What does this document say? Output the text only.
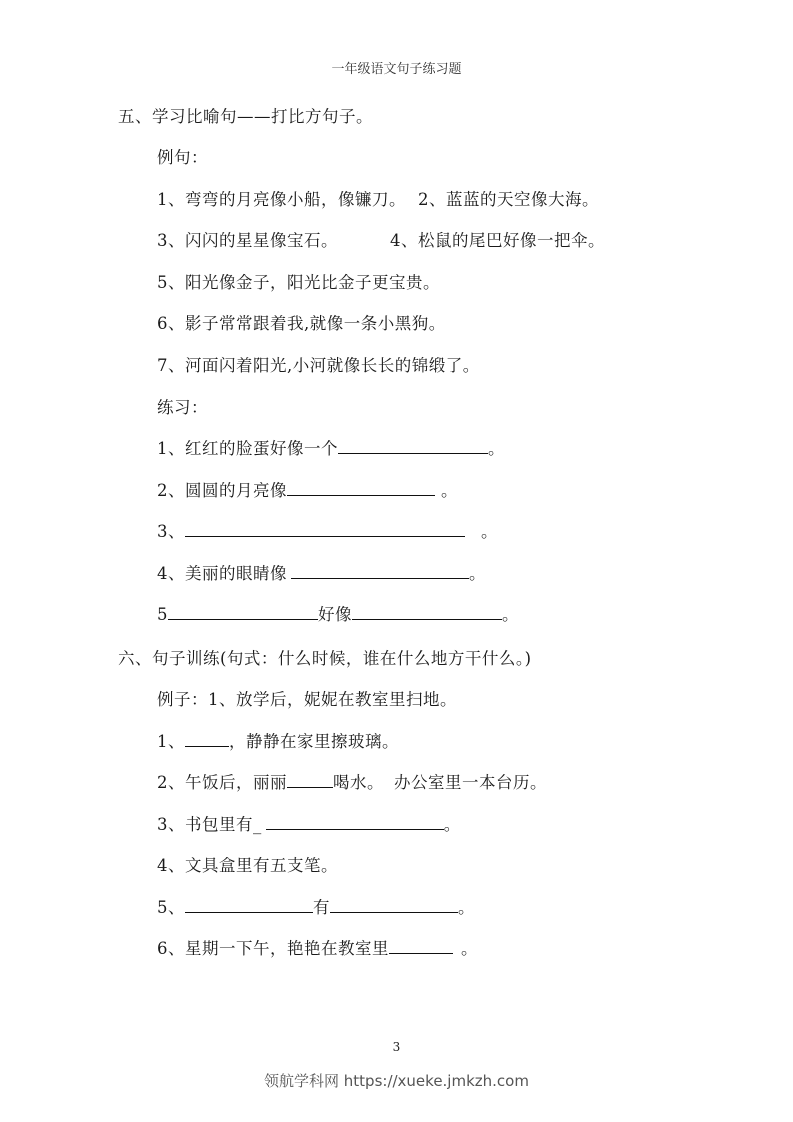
一年级语文句子练习题
五、学习比喻句——打比方句子。
例句：
1、弯弯的月亮像小船，像镰刀。 2、蓝蓝的天空像大海。
3、闪闪的星星像宝石。	4、松鼠的尾巴好像一把伞。
5、阳光像金子，阳光比金子更宝贵。
6、影子常常跟着我,就像一条小黑狗。
7、河面闪着阳光,小河就像长长的锦缎了。
练习：
1、红红的脸蛋好像一个	。
2、圆圆的月亮像	。
3、	。
4、美丽的眼睛像	。
5	好像	。
六、句子训练(句式：什么时候，谁在什么地方干什么。)
例子：1、放学后，妮妮在教室里扫地。
1、	，静静在家里擦玻璃。
2、午饭后，丽丽	喝水。 办公室里一本台历。
3、书包里有_	。
4、文具盒里有五支笔。
5、	有	。
6、星期一下午，艳艳在教室里	。
3
领航学科网 https://xueke.jmkzh.com
